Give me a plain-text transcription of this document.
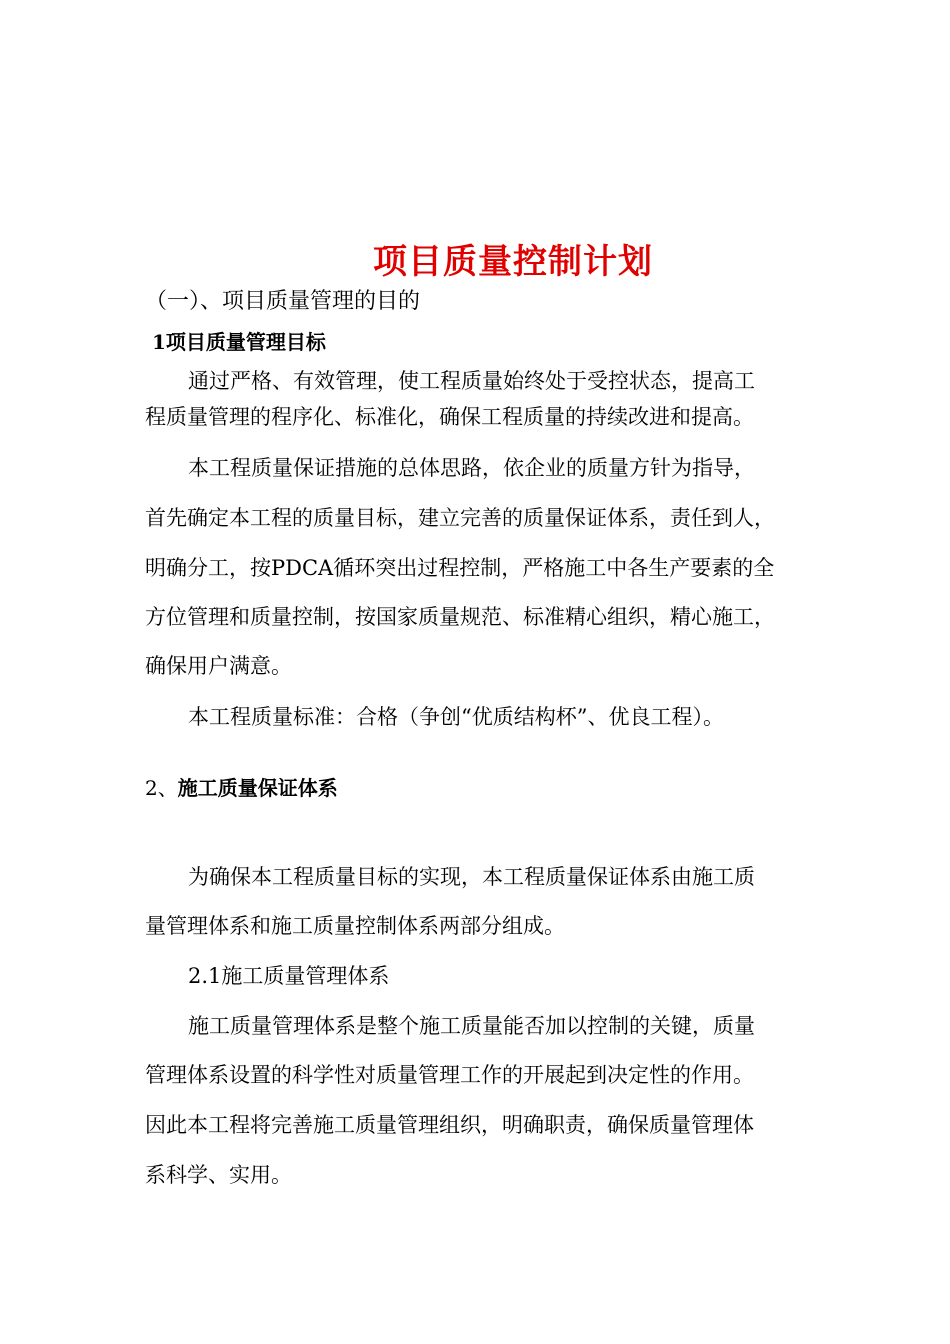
项目质量控制计划
（一）、项目质量管理的目的
1项目质量管理目标
通过严格、有效管理，使工程质量始终处于受控状态，提高工
程质量管理的程序化、标准化，确保工程质量的持续改进和提高。
本工程质量保证措施的总体思路，依企业的质量方针为指导，
首先确定本工程的质量目标，建立完善的质量保证体系，责任到人，
明确分工，按PDCA循环突出过程控制，严格施工中各生产要素的全
方位管理和质量控制，按国家质量规范、标准精心组织，精心施工，
确保用户满意。
本工程质量标准：合格（争创“优质结构杯”、优良工程）。
2、施工质量保证体系
为确保本工程质量目标的实现，本工程质量保证体系由施工质
量管理体系和施工质量控制体系两部分组成。
2.1施工质量管理体系
施工质量管理体系是整个施工质量能否加以控制的关键，质量
管理体系设置的科学性对质量管理工作的开展起到决定性的作用。
因此本工程将完善施工质量管理组织，明确职责，确保质量管理体
系科学、实用。
